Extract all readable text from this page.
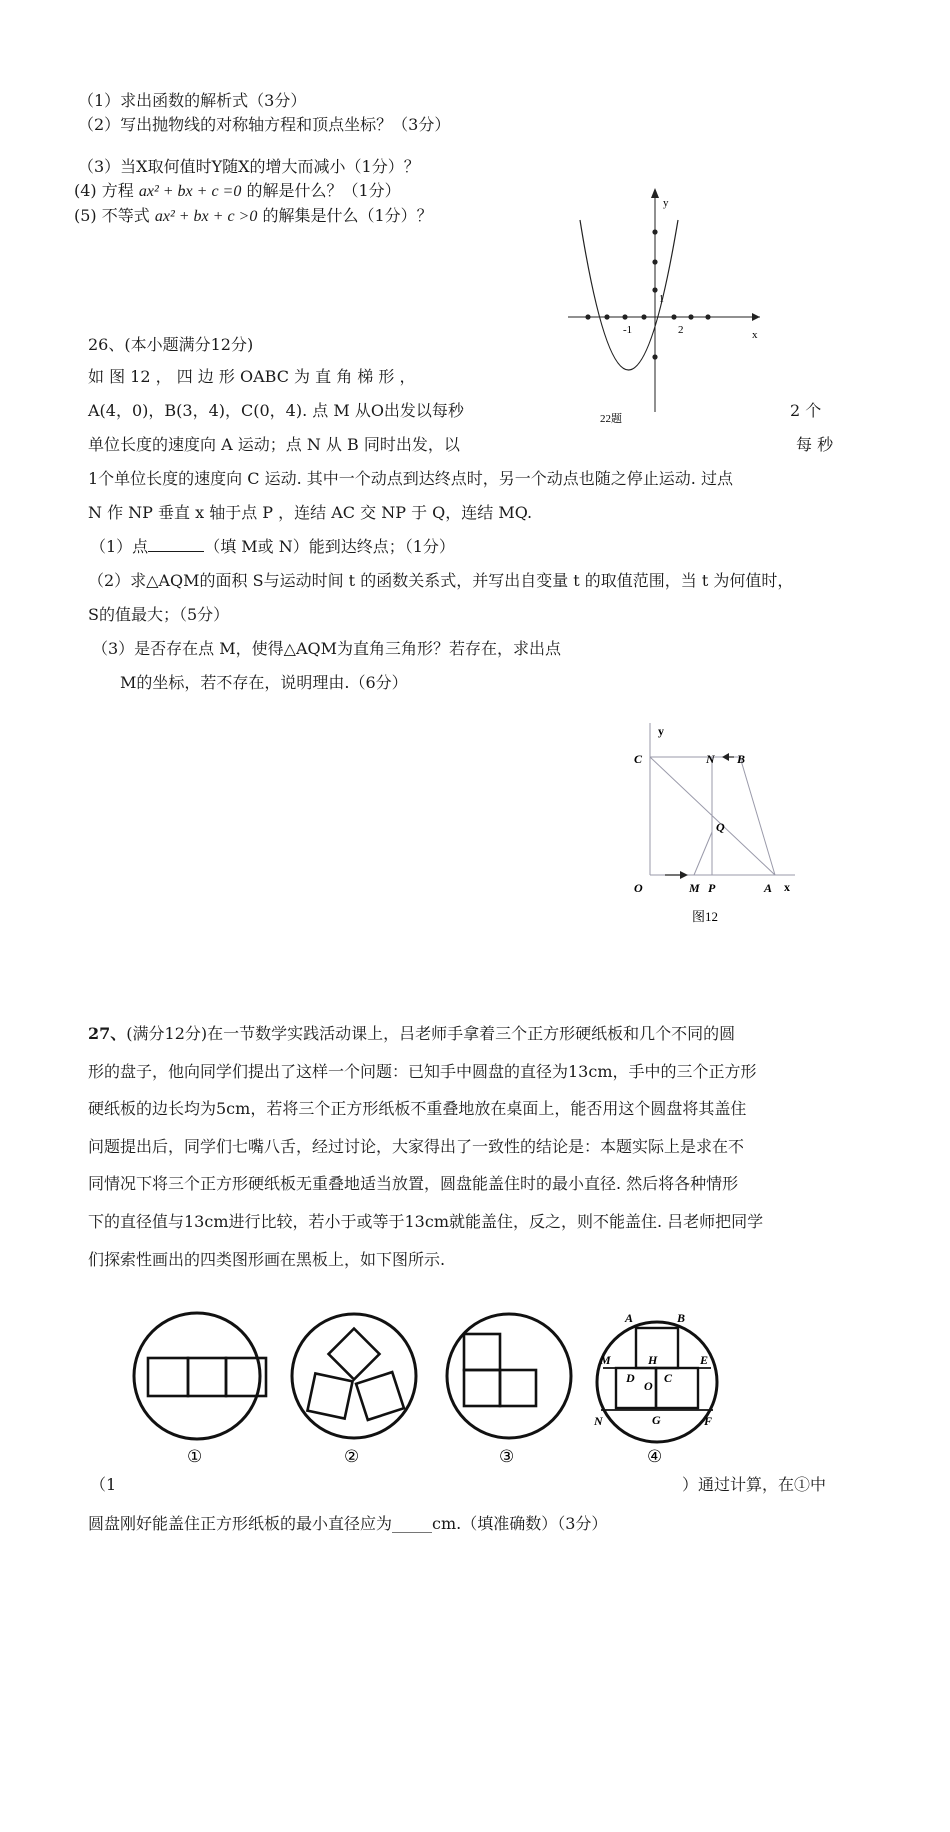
（1）求出函数的解析式（3分）
（2）写出抛物线的对称轴方程和顶点坐标？（3分）
（3）当X取何值时Y随X的增大而减小（1分）？
(4) 方程 ax² + bx + c =0 的解是什么？（1分）
(5) 不等式 ax² + bx + c >0 的解集是什么（1分）？
y
x
-1	2
1
22题
26、(本小题满分12分)
如 图 12 ， 四 边 形 OABC 为 直 角 梯 形 ，
A(4，0)，B(3，4)，C(0，4). 点 M 从O出发以每秒	2 个
单位长度的速度向 A 运动；点 N 从 B 同时出发，以	每 秒
1个单位长度的速度向 C 运动. 其中一个动点到达终点时，另一个动点也随之停止运动. 过点
N 作 NP 垂直 x 轴于点 P ，连结 AC 交 NP 于 Q，连结 MQ.
（1）点	（填 M或 N）能到达终点；（1分）
（2）求△AQM的面积 S与运动时间 t 的函数关系式，并写出自变量 t 的取值范围，当 t 为何值时，
S的值最大；（5分）
（3）是否存在点 M，使得△AQM为直角三角形？若存在，求出点
M的坐标，若不存在，说明理由.（6分）
y
x
C	N B
Q
O	M P	A
图12
27、(满分12分)在一节数学实践活动课上，吕老师手拿着三个正方形硬纸板和几个不同的圆
形的盘子，他向同学们提出了这样一个问题：已知手中圆盘的直径为13cm，手中的三个正方形
硬纸板的边长均为5cm，若将三个正方形纸板不重叠地放在桌面上，能否用这个圆盘将其盖住
问题提出后，同学们七嘴八舌，经过讨论，大家得出了一致性的结论是：本题实际上是求在不
同情况下将三个正方形硬纸板无重叠地适当放置，圆盘能盖住时的最小直径. 然后将各种情形
下的直径值与13cm进行比较，若小于或等于13cm就能盖住，反之，则不能盖住. 吕老师把同学
们探索性画出的四类图形画在黑板上，如下图所示.
A	B
M	H	E
D
O
C
N	G	F
①	②	③	④
（1	）通过计算，在①中
圆盘刚好能盖住正方形纸板的最小直径应为_____cm.（填准确数）（3分）
